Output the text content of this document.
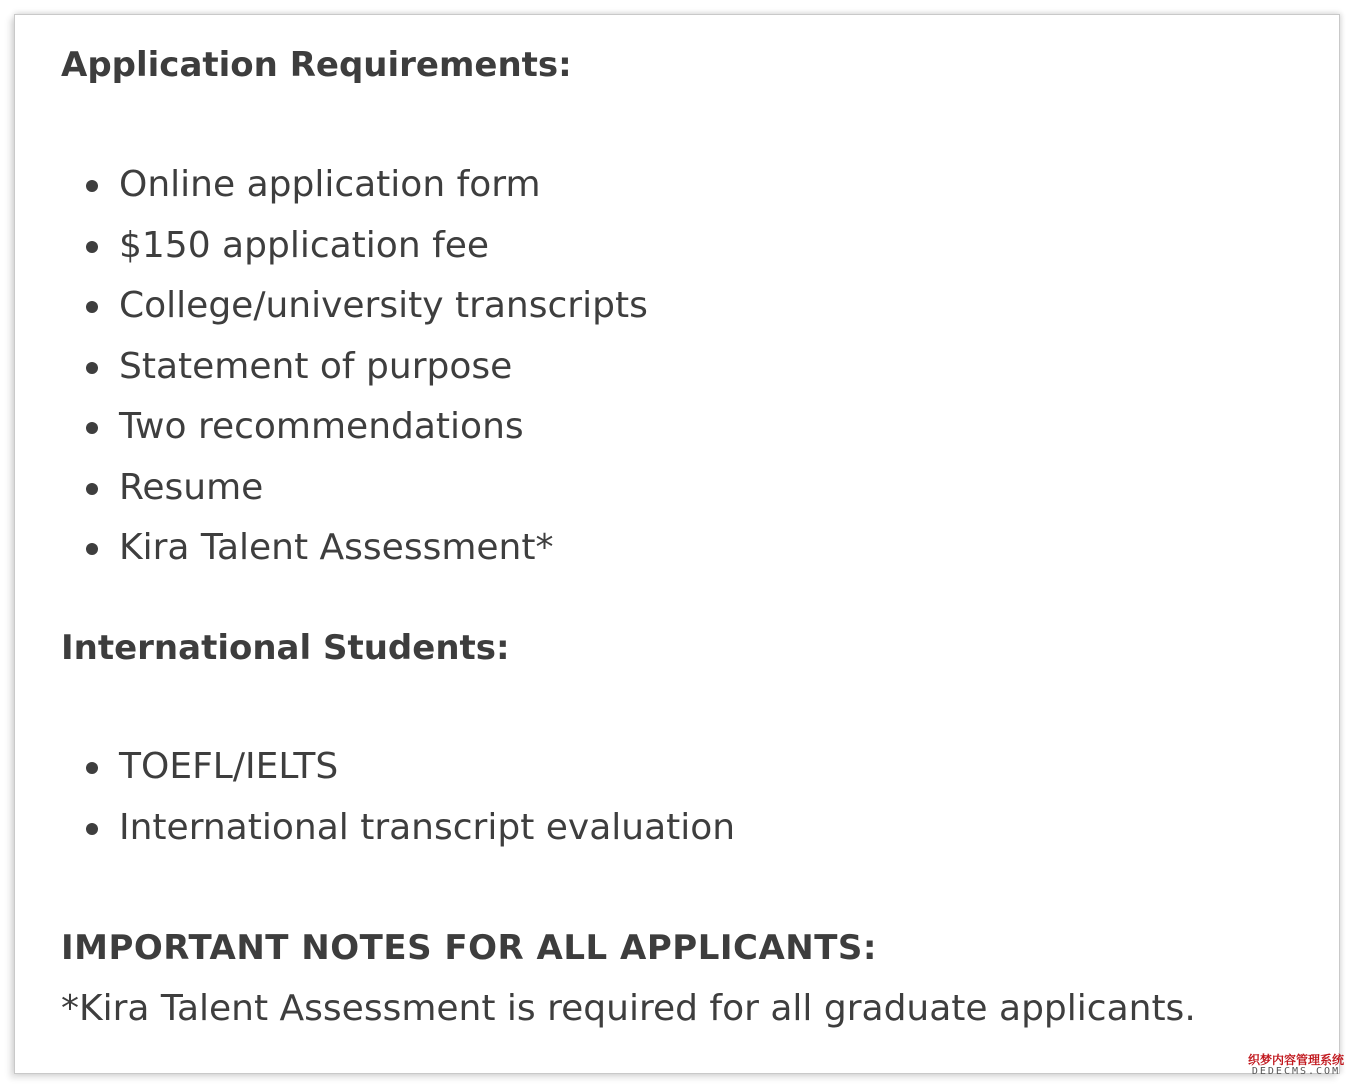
Application Requirements:
Online application form
$150 application fee
College/university transcripts
Statement of purpose
Two recommendations
Resume
Kira Talent Assessment*
International Students:
TOEFL/IELTS
International transcript evaluation
IMPORTANT NOTES FOR ALL APPLICANTS:

*Kira Talent Assessment is required for all graduate applicants.

织梦内容管理系统
DEDECMS.COM
